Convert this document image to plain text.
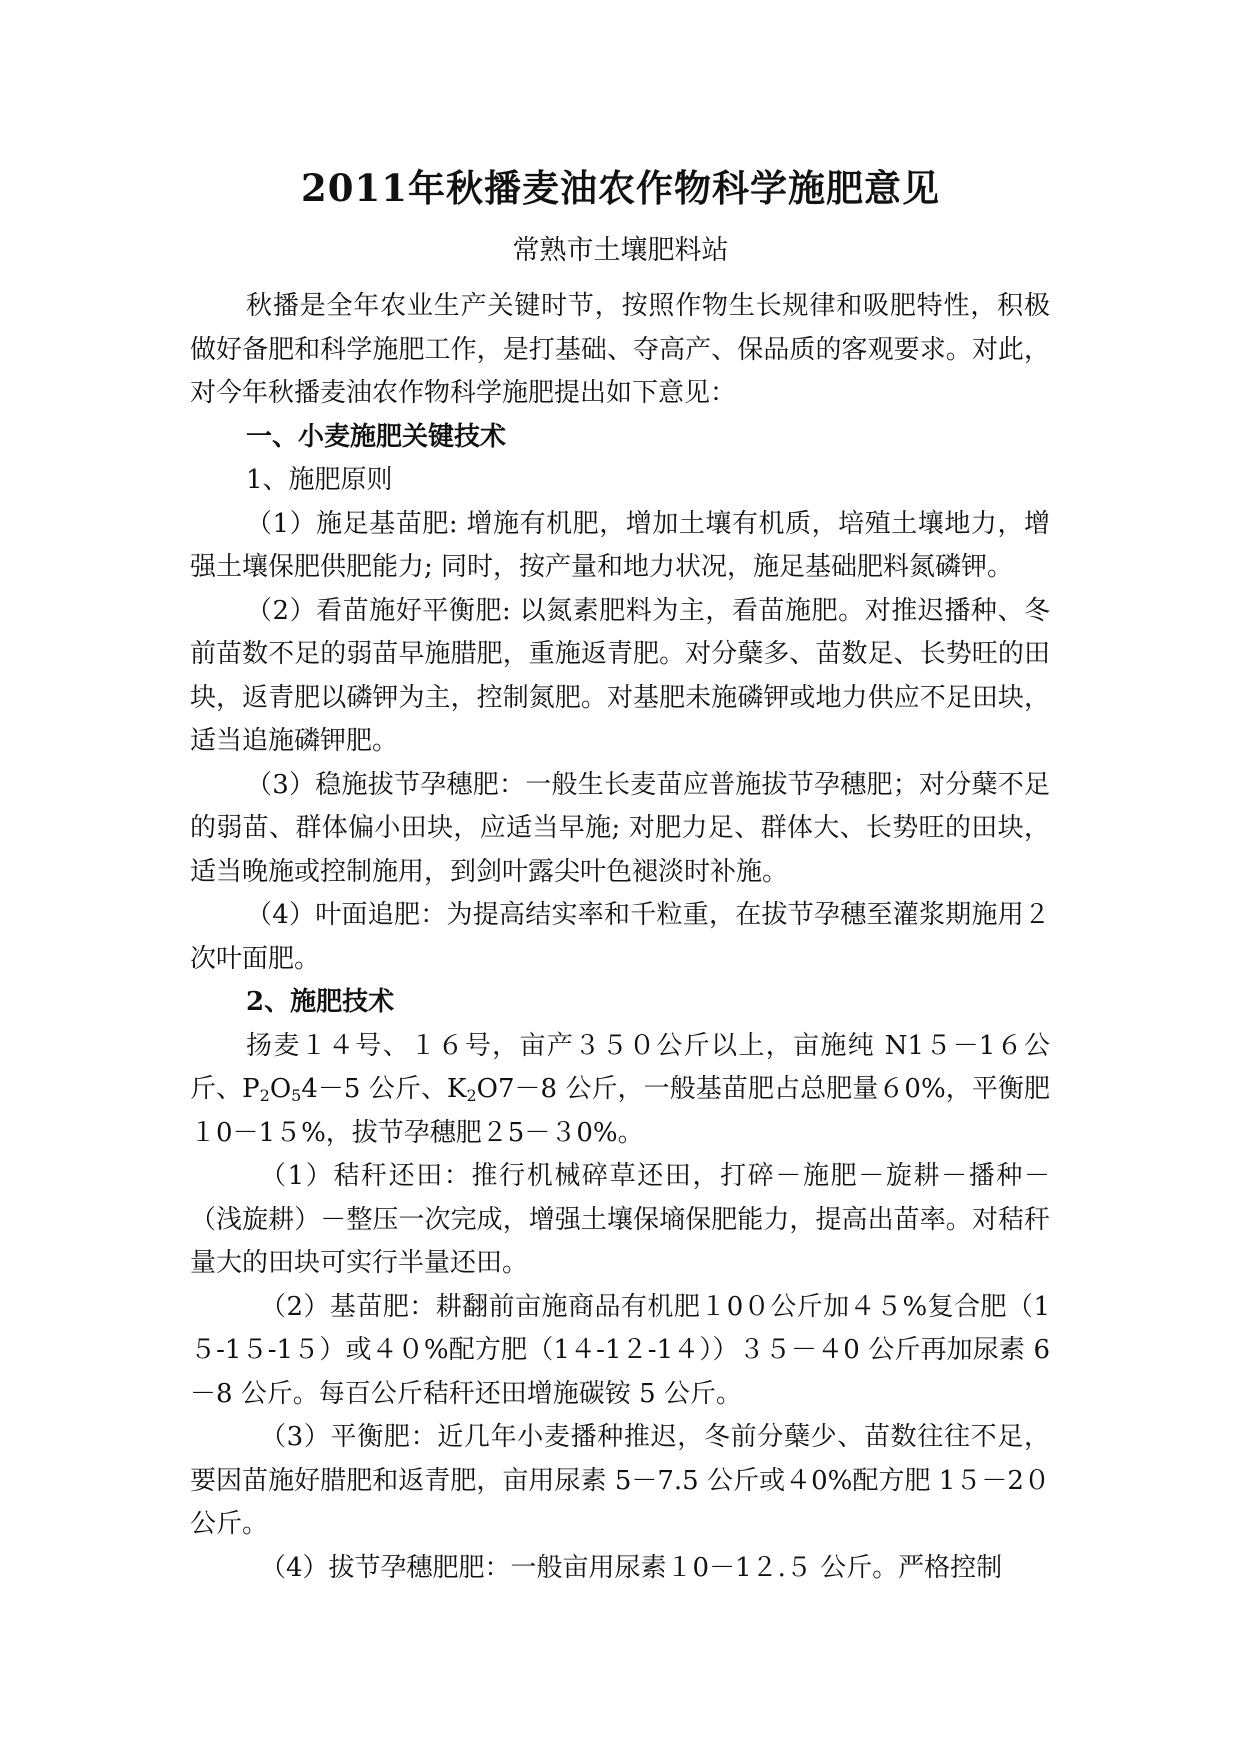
2011年秋播麦油农作物科学施肥意见
常熟市土壤肥料站

秋播是全年农业生产关键时节，按照作物生长规律和吸肥特性，积极做好备肥和科学施肥工作，是打基础、夺高产、保品质的客观要求。对此，对今年秋播麦油农作物科学施肥提出如下意见：

一、小麦施肥关键技术

1、施肥原则

（1）施足基苗肥: 增施有机肥，增加土壤有机质，培殖土壤地力，增强土壤保肥供肥能力; 同时，按产量和地力状况，施足基础肥料氮磷钾。

（2）看苗施好平衡肥: 以氮素肥料为主，看苗施肥。对推迟播种、冬前苗数不足的弱苗早施腊肥，重施返青肥。对分蘖多、苗数足、长势旺的田块，返青肥以磷钾为主，控制氮肥。对基肥未施磷钾或地力供应不足田块，适当追施磷钾肥。

（3）稳施拔节孕穗肥：一般生长麦苗应普施拔节孕穗肥；对分蘖不足的弱苗、群体偏小田块，应适当早施; 对肥力足、群体大、长势旺的田块，适当晚施或控制施用，到剑叶露尖叶色褪淡时补施。

（4）叶面追肥：为提高结实率和千粒重，在拔节孕穗至灌浆期施用２次叶面肥。

2、施肥技术

扬麦１４号、１６号，亩产３５０公斤以上，亩施纯 N1５－1６公斤、$P_2O_54-5$ 公斤、$K_2O7-8$ 公斤，一般基苗肥占总肥量６0%，平衡肥１0－1５%，拔节孕穗肥２5－３0%。

（1）秸秆还田：推行机械碎草还田，打碎－施肥－旋耕－播种－（浅旋耕）－整压一次完成，增强土壤保墒保肥能力，提高出苗率。对秸秆量大的田块可实行半量还田。

（2）基苗肥：耕翻前亩施商品有机肥１0０公斤加４５%复合肥（1５-1５-1５）或４０%配方肥（1４-1２-1４））３５－４0 公斤再加尿素 6－8 公斤。每百公斤秸秆还田增施碳铵 5 公斤。

（3）平衡肥：近几年小麦播种推迟，冬前分蘖少、苗数往往不足，要因苗施好腊肥和返青肥，亩用尿素 5－7.5 公斤或４0%配方肥 1５－2０公斤。

（4）拔节孕穗肥肥：一般亩用尿素１0－1２.５ 公斤。严格控制
